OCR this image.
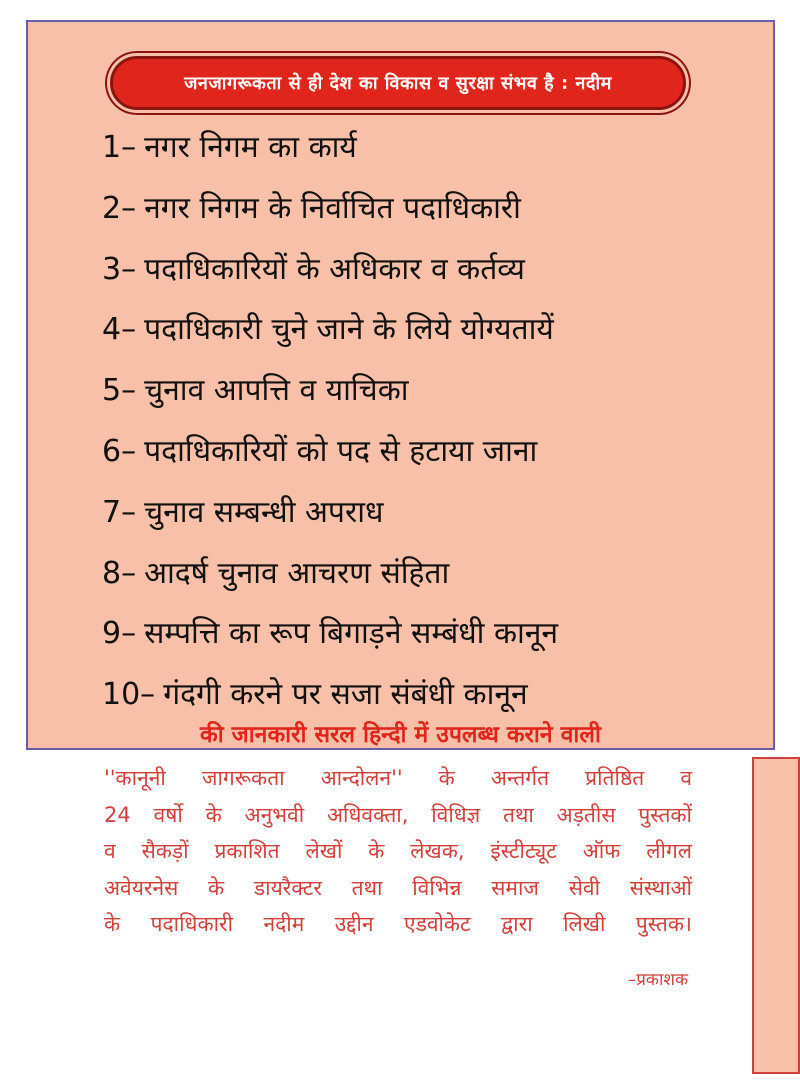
जनजागरूकता से ही देश का विकास व सुरक्षा संभव है : नदीम
1– नगर निगम का कार्य
2– नगर निगम के निर्वाचित पदाधिकारी
3– पदाधिकारियों के अधिकार व कर्तव्य
4– पदाधिकारी चुने जाने के लिये योग्यतायें
5– चुनाव आपत्ति व याचिका
6– पदाधिकारियों को पद से हटाया जाना
7– चुनाव सम्बन्धी अपराध
8– आदर्ष चुनाव आचरण संहिता
9– सम्पत्ति का रूप बिगाड़ने सम्बंधी कानून
10– गंदगी करने पर सजा संबंधी कानून
की जानकारी सरल हिन्दी में उपलब्ध कराने वाली

''कानूनी जागरूकता आन्दोलन'' के अन्तर्गत प्रतिष्ठित व
24 वर्षो के अनुभवी अधिवक्ता, विधिज्ञ तथा अड़तीस पुस्तकों
व सैकड़ों प्रकाशित लेखों के लेखक, इंस्टीट्यूट ऑफ लीगल
अवेयरनेस के डायरैक्टर तथा विभिन्न समाज सेवी संस्थाओं
के पदाधिकारी नदीम उद्दीन एडवोकेट द्वारा लिखी पुस्तक।

–प्रकाशक
